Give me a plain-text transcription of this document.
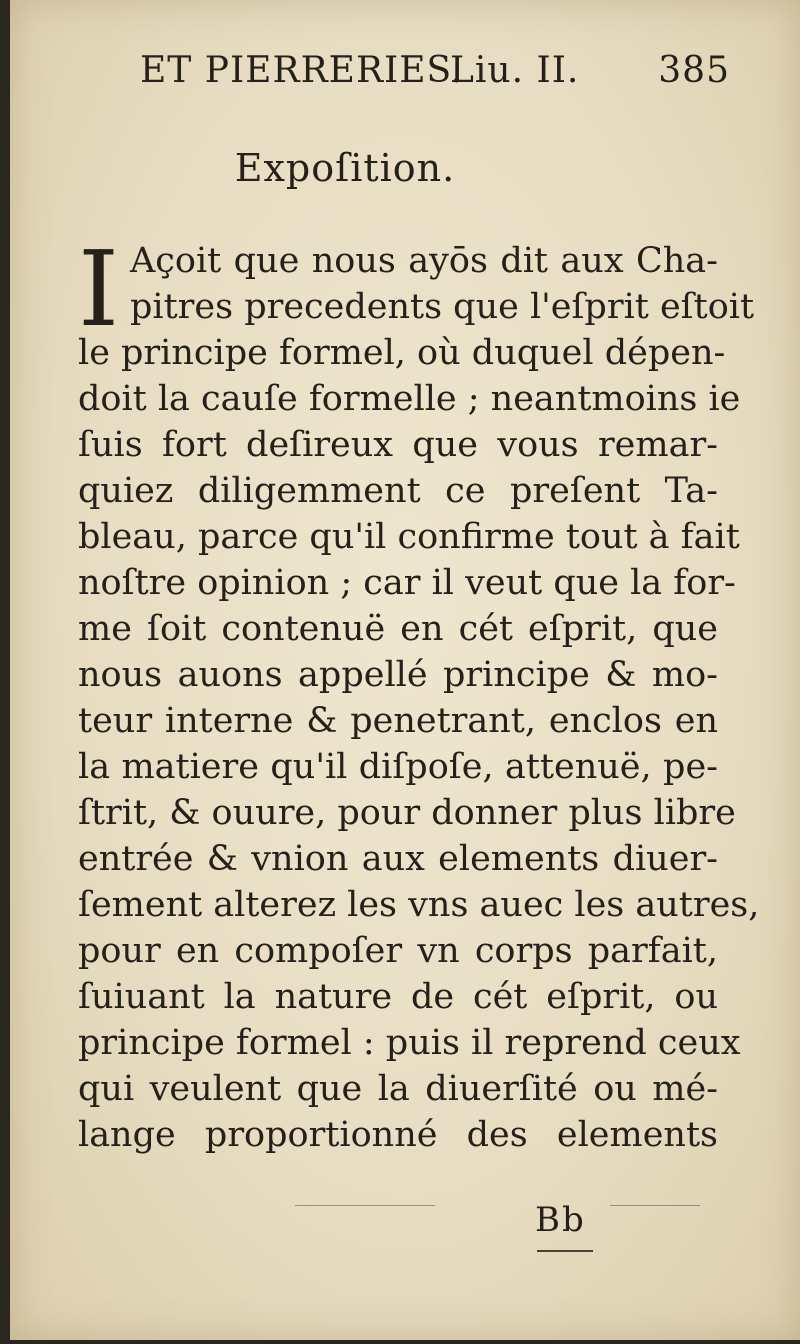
ET PIERRERIES.
Liu. II. 385
Expoſition.
I Açoit que nous ayōs dit aux Cha-
pitres precedents que l'eſprit eſtoit
le principe formel, où duquel dépen-
doit la cauſe formelle ; neantmoins ie
ſuis fort deſireux que vous remar-
quiez diligemment ce preſent Ta-
bleau, parce qu'il confirme tout à fait
noſtre opinion ; car il veut que la for-
me ſoit contenuë en cét eſprit, que
nous auons appellé principe & mo-
teur interne & penetrant, enclos en
la matiere qu'il diſpoſe, attenuë, pe-
ſtrit, & ouure, pour donner plus libre
entrée & vnion aux elements diuer-
ſement alterez les vns auec les autres,
pour en compoſer vn corps parfait,
ſuiuant la nature de cét eſprit, ou
principe formel : puis il reprend ceux
qui veulent que la diuerſité ou mé-
lange proportionné des elements
Bb
